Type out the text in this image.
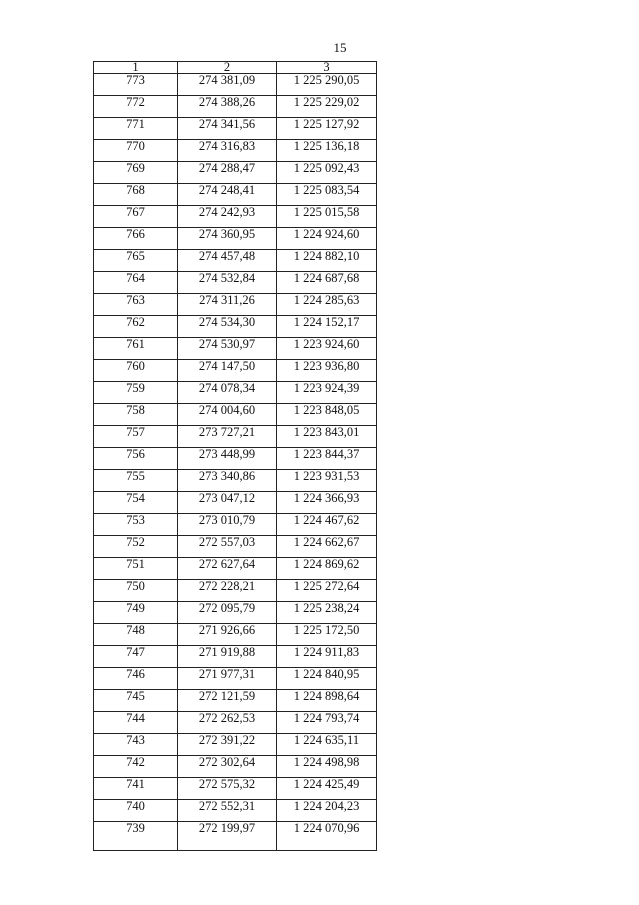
15
1	2	3
773	274 381,09	1 225 290,05
772	274 388,26	1 225 229,02
771	274 341,56	1 225 127,92
770	274 316,83	1 225 136,18
769	274 288,47	1 225 092,43
768	274 248,41	1 225 083,54
767	274 242,93	1 225 015,58
766	274 360,95	1 224 924,60
765	274 457,48	1 224 882,10
764	274 532,84	1 224 687,68
763	274 311,26	1 224 285,63
762	274 534,30	1 224 152,17
761	274 530,97	1 223 924,60
760	274 147,50	1 223 936,80
759	274 078,34	1 223 924,39
758	274 004,60	1 223 848,05
757	273 727,21	1 223 843,01
756	273 448,99	1 223 844,37
755	273 340,86	1 223 931,53
754	273 047,12	1 224 366,93
753	273 010,79	1 224 467,62
752	272 557,03	1 224 662,67
751	272 627,64	1 224 869,62
750	272 228,21	1 225 272,64
749	272 095,79	1 225 238,24
748	271 926,66	1 225 172,50
747	271 919,88	1 224 911,83
746	271 977,31	1 224 840,95
745	272 121,59	1 224 898,64
744	272 262,53	1 224 793,74
743	272 391,22	1 224 635,11
742	272 302,64	1 224 498,98
741	272 575,32	1 224 425,49
740	272 552,31	1 224 204,23
739	272 199,97	1 224 070,96
